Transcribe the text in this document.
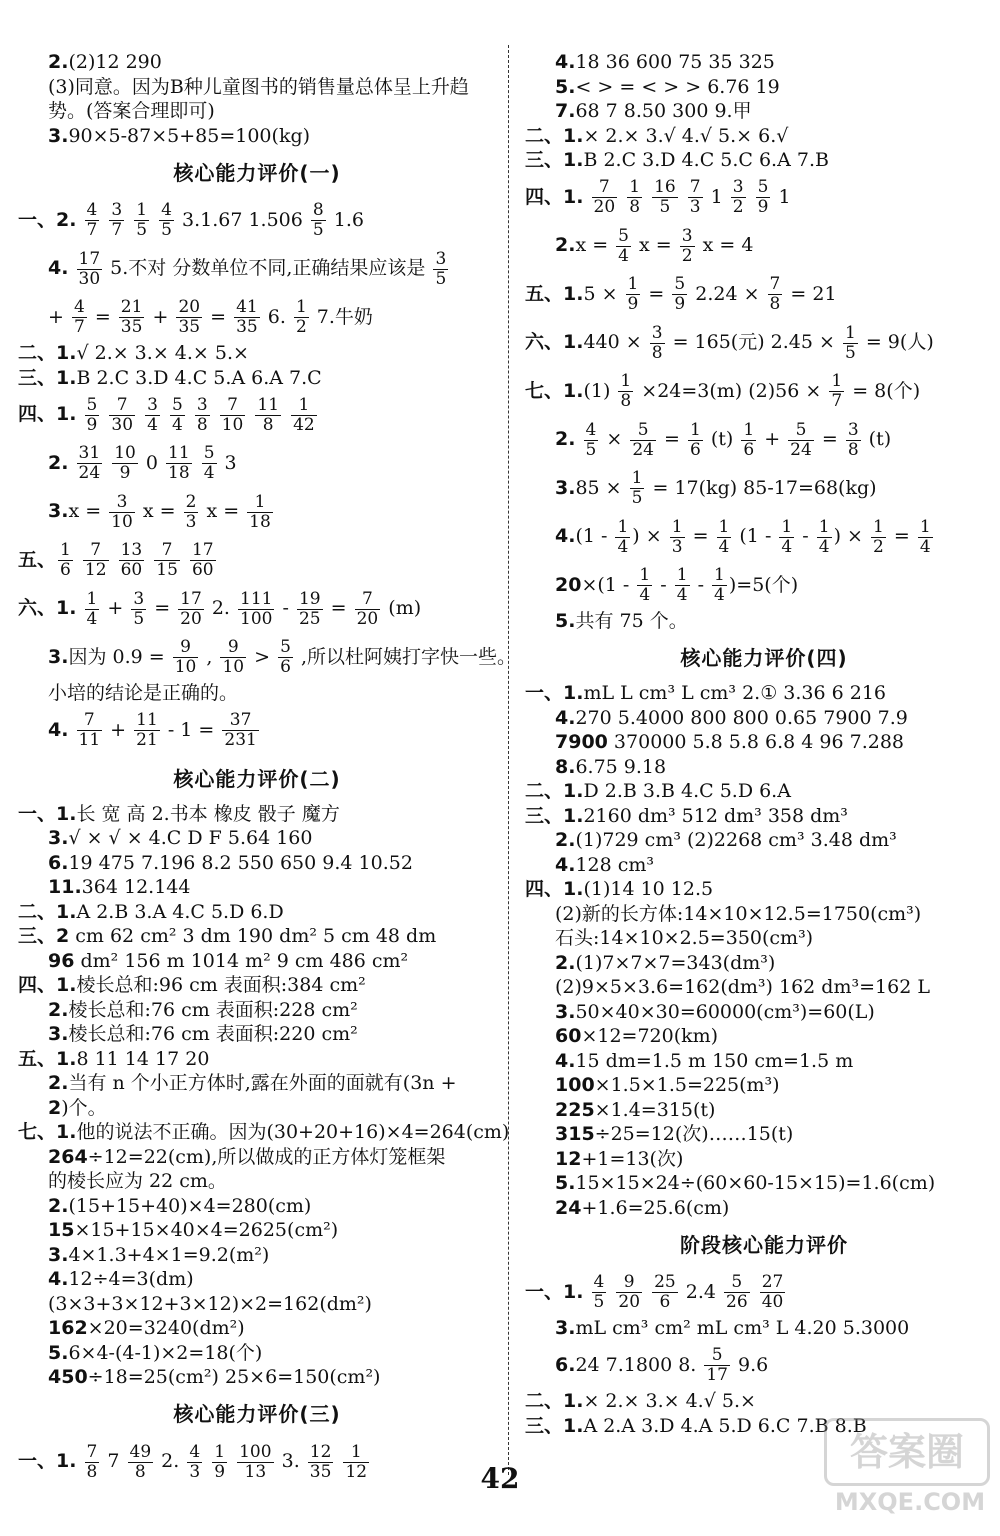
2.(2)12 290
(3)同意。因为B种儿童图书的销售量总体呈上升趋
势。(答案合理即可)
3.90×5-87×5+85=100(kg)
核心能力评价(一)
一、2. $\frac{4}{7}$
$\frac{3}{7}$
$\frac{1}{5}$
$\frac{4}{5} 3.1.67$ $1.506 \frac{8}{5} 1.6$
4. $\frac{17}{30} 5$.不对 分数单位不同,正确结果应该是 $\frac{3}{5}$
+ $\frac{4}{7} = \frac{21}{35} + \frac{20}{35} = \frac{41}{35} 6$. $\frac{1}{2} 7$.牛奶
二、1.√ 2.× 3.× 4.× 5.×
三、1.B 2.C 3.D 4.C 5.A 6.A 7.C
四、1. $\frac{5}{9}$
$\frac{7}{30}$
$\frac{3}{4}$
$\frac{5}{4}$
$\frac{3}{8}$
$\frac{7}{10}$
$\frac{11}{8}$
$\frac{1}{42}$
2. $\frac{31}{24}$
$\frac{10}{9} 0 \frac{11}{18}$
$\frac{5}{4} 3$
$3.x = \frac{3}{10}$ $x = \frac{2}{3}$ $x = \frac{1}{18}$
五、 $\frac{1}{6}$
$\frac{7}{12}$
$\frac{13}{60}$
$\frac{7}{15}$
$\frac{17}{60}$
六、1. $\frac{1}{4} + \frac{3}{5} = \frac{17}{20} 2$. $\frac{111}{100} - \frac{19}{25} = \frac{7}{20} (m)$
3.因为 $0.9 = \frac{9}{10}$ , $\frac{9}{10} > \frac{5}{6}$ ,所以杜阿姨打字快一些。
小培的结论是正确的。
4. $\frac{7}{11} + \frac{11}{21} - 1 = \frac{37}{231}$
核心能力评价(二)
一、1.长 宽 高 2.书本 橡皮 骰子 魔方
3.√ × √ × 4.C D F 5.64 160
6.19 475 7.196 8.2 550 650 9.4 10.52
11.364 12.144
二、1.A 2.B 3.A 4.C 5.D 6.D
三、2 cm 62 cm² 3 dm 190 dm² 5 cm 48 dm
96 dm² 156 m 1014 m² 9 cm 486 cm²
四、1.棱长总和:96 cm 表面积:384 cm²
2.棱长总和:76 cm 表面积:228 cm²
3.棱长总和:76 cm 表面积:220 cm²
五、1.8 11 14 17 20
2.当有 n 个小正方体时,露在外面的面就有(3n +
2)个。
七、1.他的说法不正确。因为(30+20+16)×4=264(cm)
264÷12=22(cm),所以做成的正方体灯笼框架
的棱长应为 22 cm。
2.(15+15+40)×4=280(cm)
15×15+15×40×4=2625(cm²)
3.4×1.3+4×1=9.2(m²)
4.12÷4=3(dm)
(3×3+3×12+3×12)×2=162(dm²)
162×20=3240(dm²)
5.6×4-(4-1)×2=18(个)
450÷18=25(cm²) 25×6=150(cm²)
核心能力评价(三)
一、1. $\frac{7}{8} 7 \frac{49}{8} 2$. $\frac{4}{3}$
$\frac{1}{9}$
$\frac{100}{13} 3$. $\frac{12}{35}$
$\frac{1}{12}$
4.18 36 600 75 35 325
5.< > = < > > 6.76 19
7.68 7 8.50 300 9.甲
二、1.× 2.× 3.√ 4.√ 5.× 6.√
三、1.B 2.C 3.D 4.C 5.C 6.A 7.B
四、1. $\frac{7}{20}$
$\frac{1}{8}$
$\frac{16}{5}$
$\frac{7}{3} 1 \frac{3}{2}$
$\frac{5}{9} 1$
$2.x = \frac{5}{4}$ $x = \frac{3}{2}$ x = 4
五、$1.5 \times \frac{1}{9} = \frac{5}{9} 2.24 \times \frac{7}{8} = 21$
六、$1.440 \times \frac{3}{8} = 165$(元) $2.45 \times \frac{1}{5} = 9$(人)
七、$1.(1) \frac{1}{8} \times 24=3(m) (2)56 \times \frac{1}{7} = 8$(个)
2. $\frac{4}{5} \times \frac{5}{24} = \frac{1}{6} (t) \frac{1}{6} + \frac{5}{24} = \frac{3}{8} (t)$
$3.85 \times \frac{1}{5} = 17(kg)$ 85-17=68(kg)
$4.(1 - \frac{1}{4}$ ) × $\frac{1}{3} = \frac{1}{4} (1 - \frac{1}{4} - \frac{1}{4}$ ) × $\frac{1}{2} = \frac{1}{4}$
$20\times(1 - \frac{1}{4} - \frac{1}{4} - \frac{1}{4} )=5$(个)
5.共有 75 个。
核心能力评价(四)
一、1.mL L cm³ L cm³ 2.① 3.36 6 216
4.270 5.4000 800 800 0.65 7900 7.9
7900 370000 5.8 5.8 6.8 4 96 7.288
8.6.75 9.18
二、1.D 2.B 3.B 4.C 5.D 6.A
三、1.2160 dm³ 512 dm³ 358 dm³
2.(1)729 cm³ (2)2268 cm³ 3.48 dm³
4.128 cm³
四、1.(1)14 10 12.5
(2)新的长方体:14×10×12.5=1750(cm³)
石头:14×10×2.5=350(cm³)
2.(1)7×7×7=343(dm³)
(2)9×5×3.6=162(dm³) 162 dm³=162 L
3.50×40×30=60000(cm³)=60(L)
60×12=720(km)
4.15 dm=1.5 m 150 cm=1.5 m
100×1.5×1.5=225(m³)
225×1.4=315(t)
315÷25=12(次)……15(t)
12+1=13(次)
5.15×15×24÷(60×60-15×15)=1.6(cm)
24+1.6=25.6(cm)
阶段核心能力评价
一、1. $\frac{4}{5}$
$\frac{9}{20}$
$\frac{25}{6} 2.4 \frac{5}{26}$
$\frac{27}{40}$
3.mL cm³ cm² mL cm³ L 4.20 5.3000
6.24 7.1800 8. $\frac{5}{17} 9.6$
二、1.× 2.× 3.× 4.√ 5.×
三、1.A 2.A 3.D 4.A 5.D 6.C 7.B 8.B
42
答案圈
MXQE.COM
